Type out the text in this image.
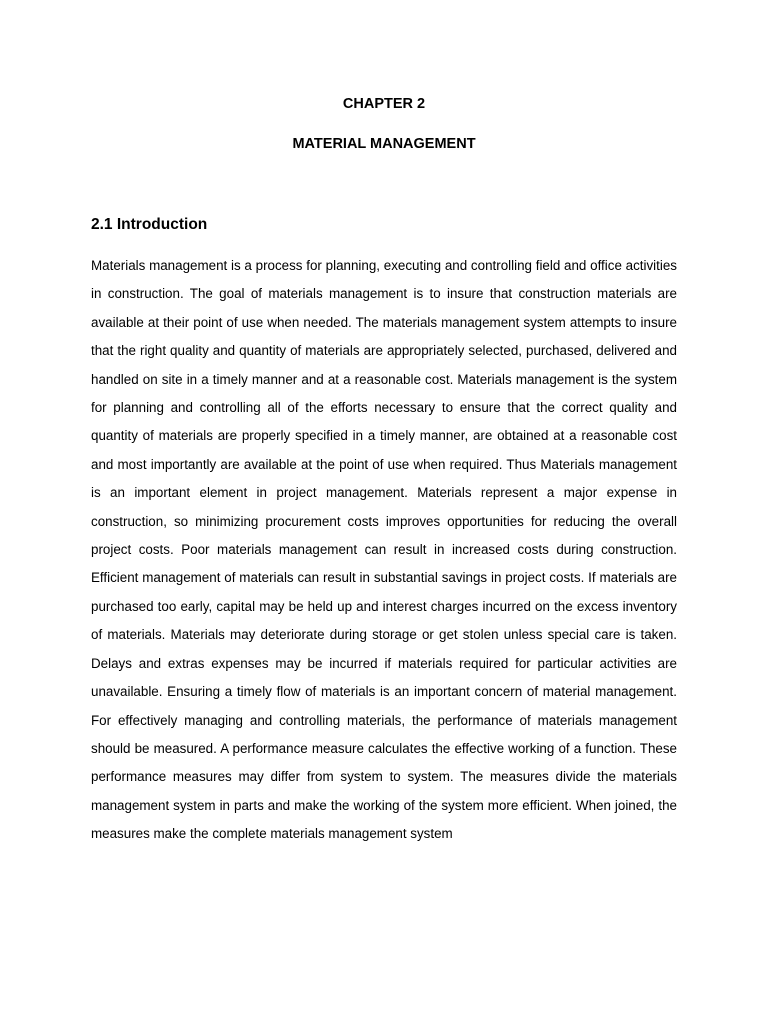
CHAPTER 2
MATERIAL MANAGEMENT
2.1 Introduction

Materials management is a process for planning, executing and controlling field and office activities in construction. The goal of materials management is to insure that construction materials are available at their point of use when needed. The materials management system attempts to insure that the right quality and quantity of materials are appropriately selected, purchased, delivered and handled on site in a timely manner and at a reasonable cost. Materials management is the system for planning and controlling all of the efforts necessary to ensure that the correct quality and quantity of materials are properly specified in a timely manner, are obtained at a reasonable cost and most importantly are available at the point of use when required. Thus Materials management is an important element in project management. Materials represent a major expense in construction, so minimizing procurement costs improves opportunities for reducing the overall project costs. Poor materials management can result in increased costs during construction. Efficient management of materials can result in substantial savings in project costs. If materials are purchased too early, capital may be held up and interest charges incurred on the excess inventory of materials. Materials may deteriorate during storage or get stolen unless special care is taken. Delays and extras expenses may be incurred if materials required for particular activities are unavailable. Ensuring a timely flow of materials is an important concern of material management. For effectively managing and controlling materials, the performance of materials management should be measured. A performance measure calculates the effective working of a function. These performance measures may differ from system to system. The measures divide the materials management system in parts and make the working of the system more efficient. When joined, the measures make the complete materials management system
